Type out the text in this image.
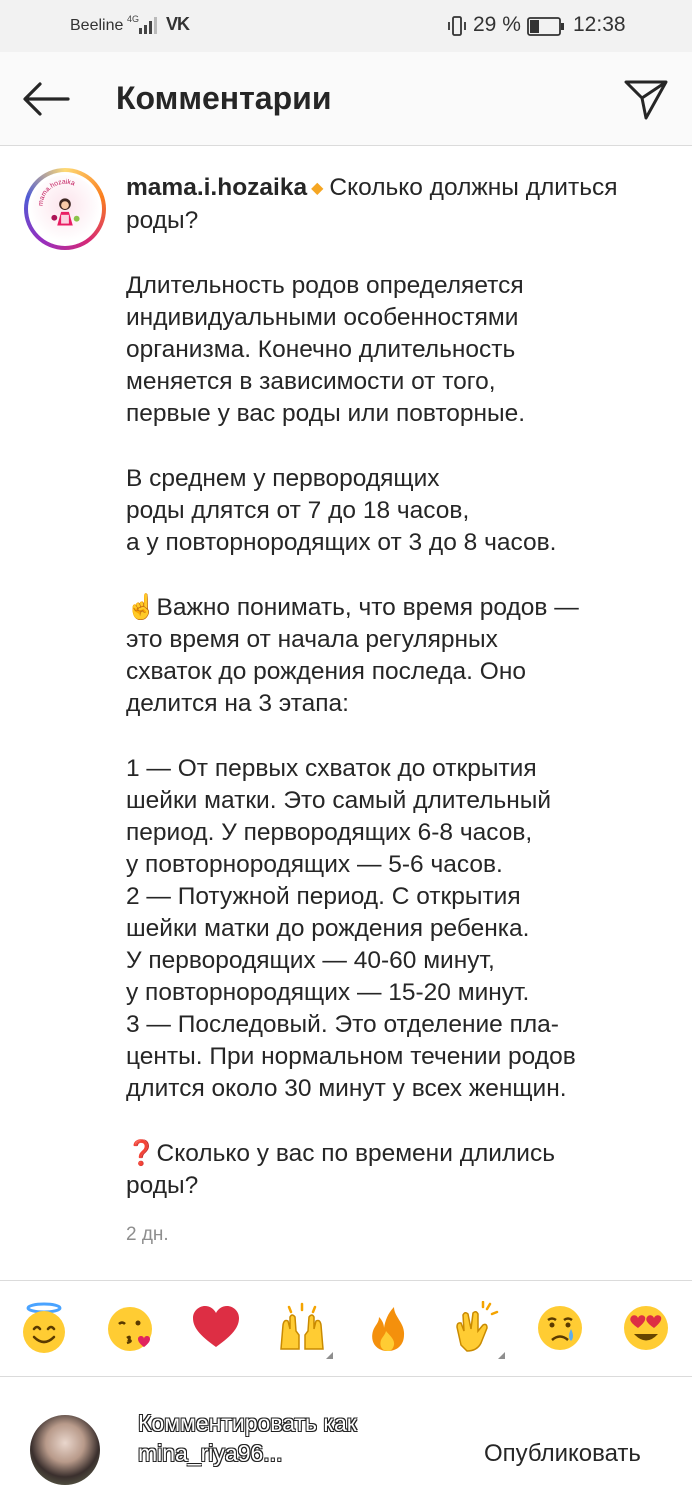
Beeline 4G VK	29 % 12:38
Комментарии
mama.hozaika mama.i.hozaika ◆ Сколько должны длиться роды?

Длительность родов определяется
индивидуальными особенностями
организма. Конечно длительность
меняется в зависимости от того,
первые у вас роды или повторные.

В среднем у первородящих
роды длятся от 7 до 18 часов,
а у повторнородящих от 3 до 8 часов.

☝️Важно понимать, что время родов —
это время от начала регулярных
схваток до рождения последа. Оно
делится на 3 этапа:

1 — От первых схваток до открытия
шейки матки. Это самый длительный
период. У первородящих 6-8 часов,
у повторнородящих — 5-6 часов.
2 — Потужной период. С открытия
шейки матки до рождения ребенка.
У первородящих — 40-60 минут,
у повторнородящих — 15-20 минут.
3 — Последовый. Это отделение пла-
центы. При нормальном течении родов
длится около 30 минут у всех женщин.

❓Сколько у вас по времени длились
роды?

2 дн.
Комментировать как
mina_riya96...	Опубликовать
